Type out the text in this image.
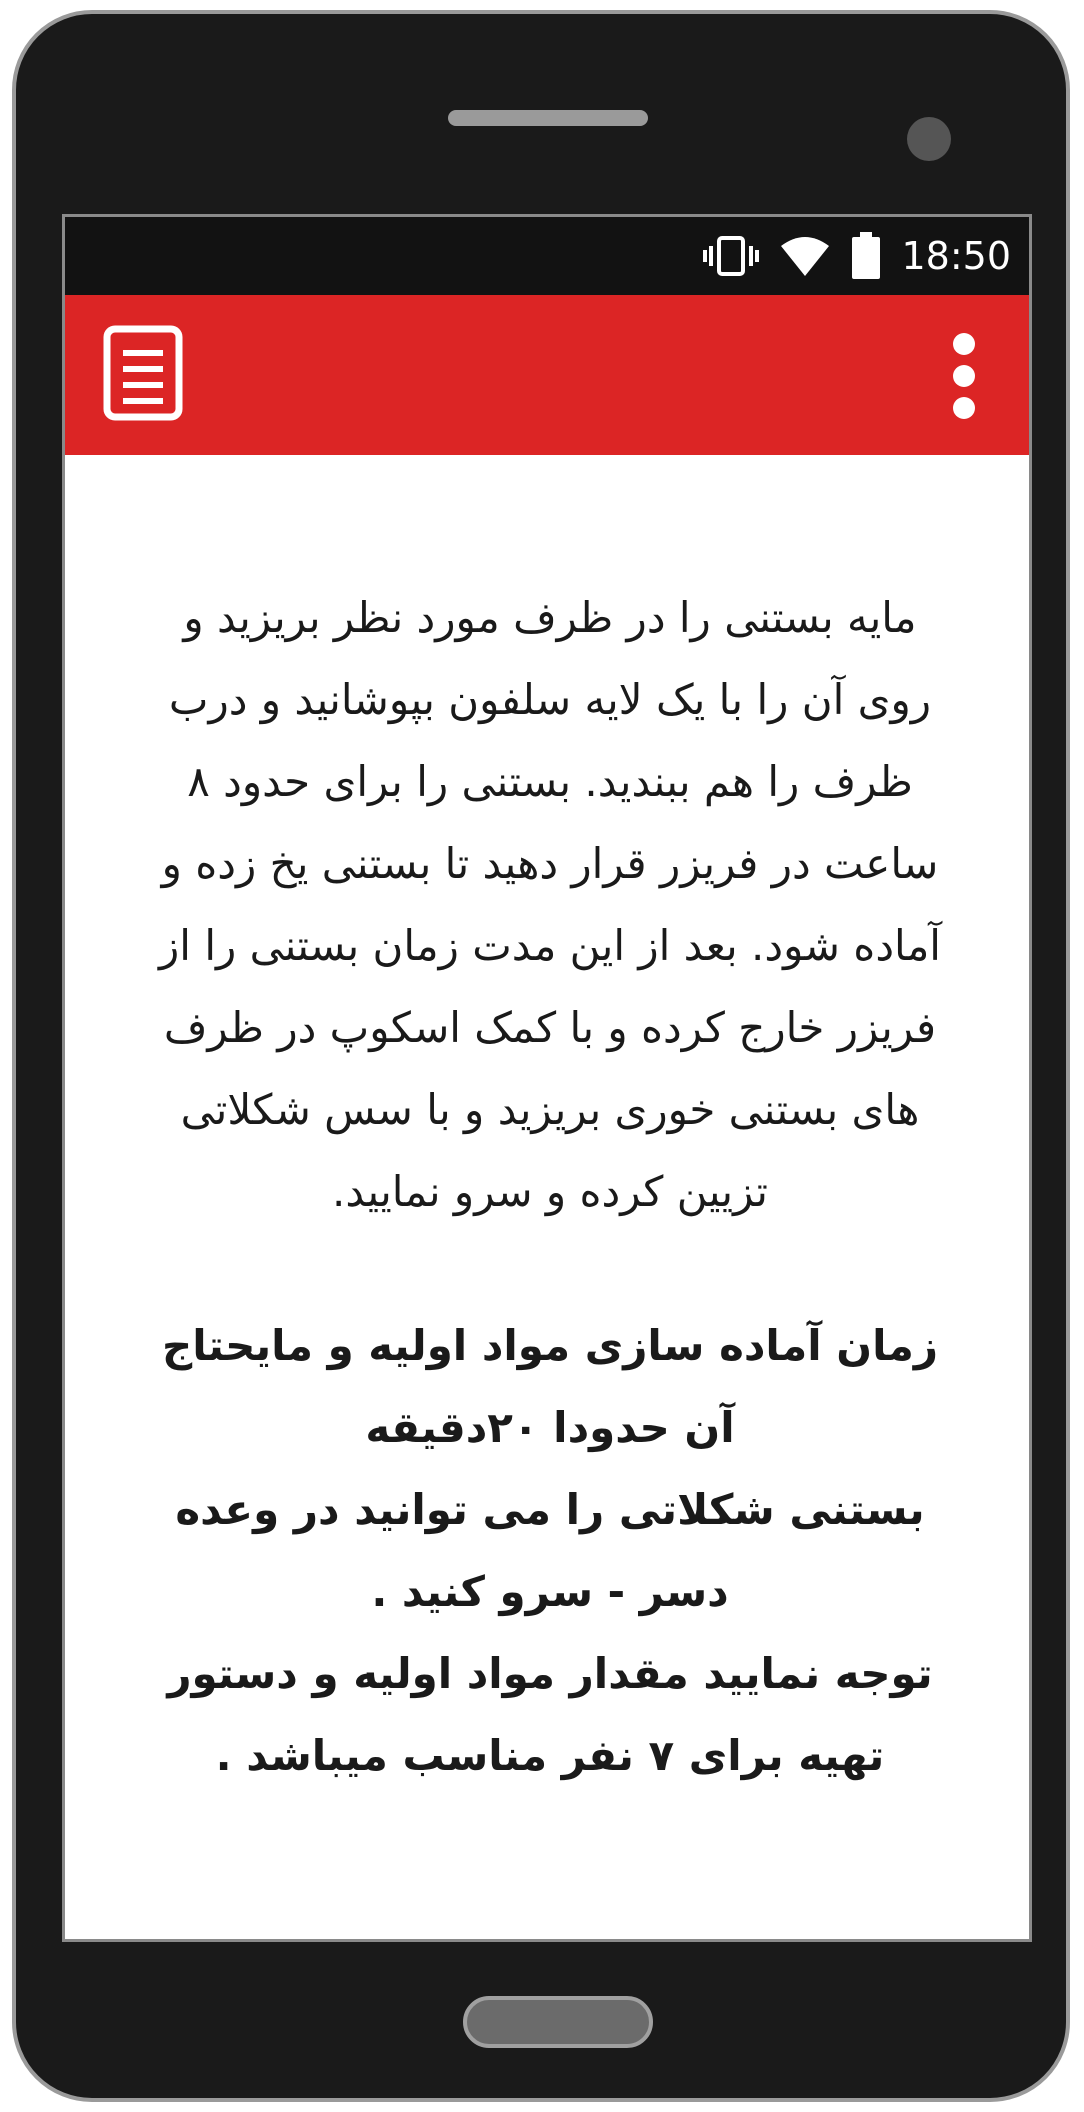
18:50

مایه بستنی را در ظرف مورد نظر بریزید و روی آن را با یک لایه سلفون بپوشانید و درب ظرف را هم ببندید. بستنی را برای حدود ۸ ساعت در فریزر قرار دهید تا بستنی یخ زده و آماده شود. بعد از این مدت زمان بستنی را از فریزر خارج کرده و با کمک اسکوپ در ظرف های بستنی خوری بریزید و با سس شکلاتی تزیین کرده و سرو نمایید.

زمان آماده سازی مواد اولیه و مایحتاج آن حدودا ۲۰دقیقه
بستنی شکلاتی را می توانید در وعده دسر - سرو کنید .
توجه نمایید مقدار مواد اولیه و دستور تهیه برای ۷ نفر مناسب میباشد .
